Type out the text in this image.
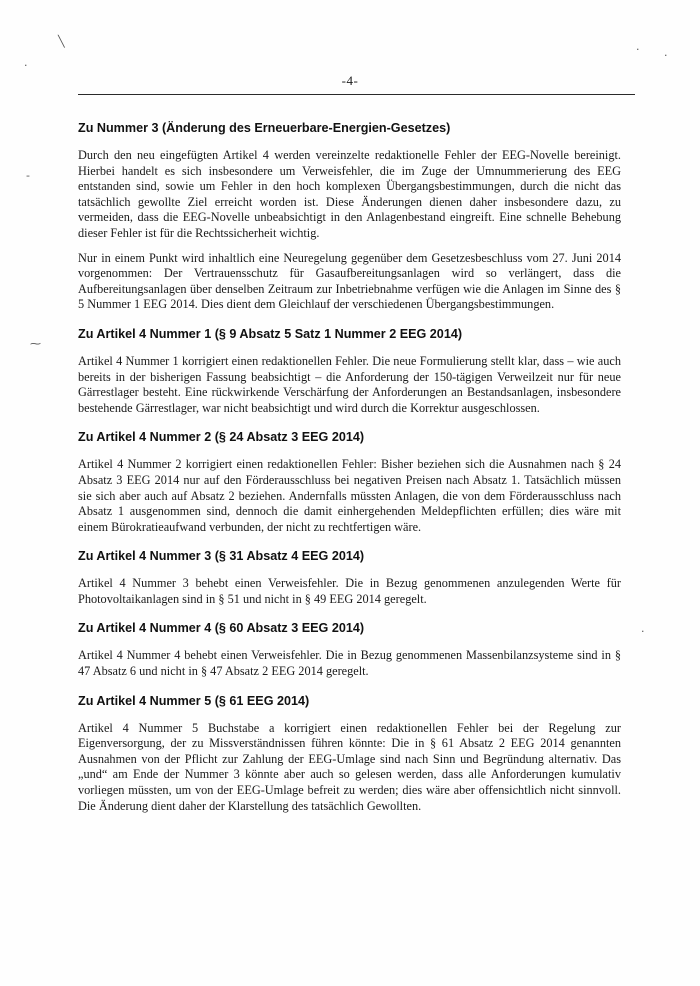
╲
·
-
⁓
· ·
·
-4-
Zu Nummer 3 (Änderung des Erneuerbare-Energien-Gesetzes)

Durch den neu eingefügten Artikel 4 werden vereinzelte redaktionelle Fehler der EEG-Novelle bereinigt. Hierbei handelt es sich insbesondere um Verweisfehler, die im Zuge der Umnummerierung des EEG entstanden sind, sowie um Fehler in den hoch komplexen Übergangsbestimmungen, durch die nicht das tatsächlich gewollte Ziel erreicht worden ist. Diese Änderungen dienen daher insbesondere dazu, zu vermeiden, dass die EEG-Novelle unbeabsichtigt in den Anlagenbestand eingreift. Eine schnelle Behebung dieser Fehler ist für die Rechtssicherheit wichtig.

Nur in einem Punkt wird inhaltlich eine Neuregelung gegenüber dem Gesetzesbeschluss vom 27. Juni 2014 vorgenommen: Der Vertrauensschutz für Gasaufbereitungsanlagen wird so verlängert, dass die Aufbereitungsanlagen über denselben Zeitraum zur Inbetriebnahme verfügen wie die Anlagen im Sinne des § 5 Nummer 1 EEG 2014. Dies dient dem Gleichlauf der verschiedenen Übergangsbestimmungen.

Zu Artikel 4 Nummer 1 (§ 9 Absatz 5 Satz 1 Nummer 2 EEG 2014)

Artikel 4 Nummer 1 korrigiert einen redaktionellen Fehler. Die neue Formulierung stellt klar, dass – wie auch bereits in der bisherigen Fassung beabsichtigt – die Anforderung der 150-tägigen Verweilzeit nur für neue Gärrestlager besteht. Eine rückwirkende Verschärfung der Anforderungen an Bestandsanlagen, insbesondere bestehende Gärrestlager, war nicht beabsichtigt und wird durch die Korrektur ausgeschlossen.

Zu Artikel 4 Nummer 2 (§ 24 Absatz 3 EEG 2014)

Artikel 4 Nummer 2 korrigiert einen redaktionellen Fehler: Bisher beziehen sich die Ausnahmen nach § 24 Absatz 3 EEG 2014 nur auf den Förderausschluss bei negativen Preisen nach Absatz 1. Tatsächlich müssen sie sich aber auch auf Absatz 2 beziehen. Andernfalls müssten Anlagen, die von dem Förderausschluss nach Absatz 1 ausgenommen sind, dennoch die damit einhergehenden Meldepflichten erfüllen; dies wäre mit einem Bürokratieaufwand verbunden, der nicht zu rechtfertigen wäre.

Zu Artikel 4 Nummer 3 (§ 31 Absatz 4 EEG 2014)

Artikel 4 Nummer 3 behebt einen Verweisfehler. Die in Bezug genommenen anzulegenden Werte für Photovoltaikanlagen sind in § 51 und nicht in § 49 EEG 2014 geregelt.

Zu Artikel 4 Nummer 4 (§ 60 Absatz 3 EEG 2014)

Artikel 4 Nummer 4 behebt einen Verweisfehler. Die in Bezug genommenen Massenbilanzsysteme sind in § 47 Absatz 6 und nicht in § 47 Absatz 2 EEG 2014 geregelt.

Zu Artikel 4 Nummer 5 (§ 61 EEG 2014)

Artikel 4 Nummer 5 Buchstabe a korrigiert einen redaktionellen Fehler bei der Regelung zur Eigenversorgung, der zu Missverständnissen führen könnte: Die in § 61 Absatz 2 EEG 2014 genannten Ausnahmen von der Pflicht zur Zahlung der EEG-Umlage sind nach Sinn und Begründung alternativ. Das „und“ am Ende der Nummer 3 könnte aber auch so gelesen werden, dass alle Anforderungen kumulativ vorliegen müssten, um von der EEG-Umlage befreit zu werden; dies wäre aber offensichtlich nicht sinnvoll. Die Änderung dient daher der Klarstellung des tatsächlich Gewollten.
